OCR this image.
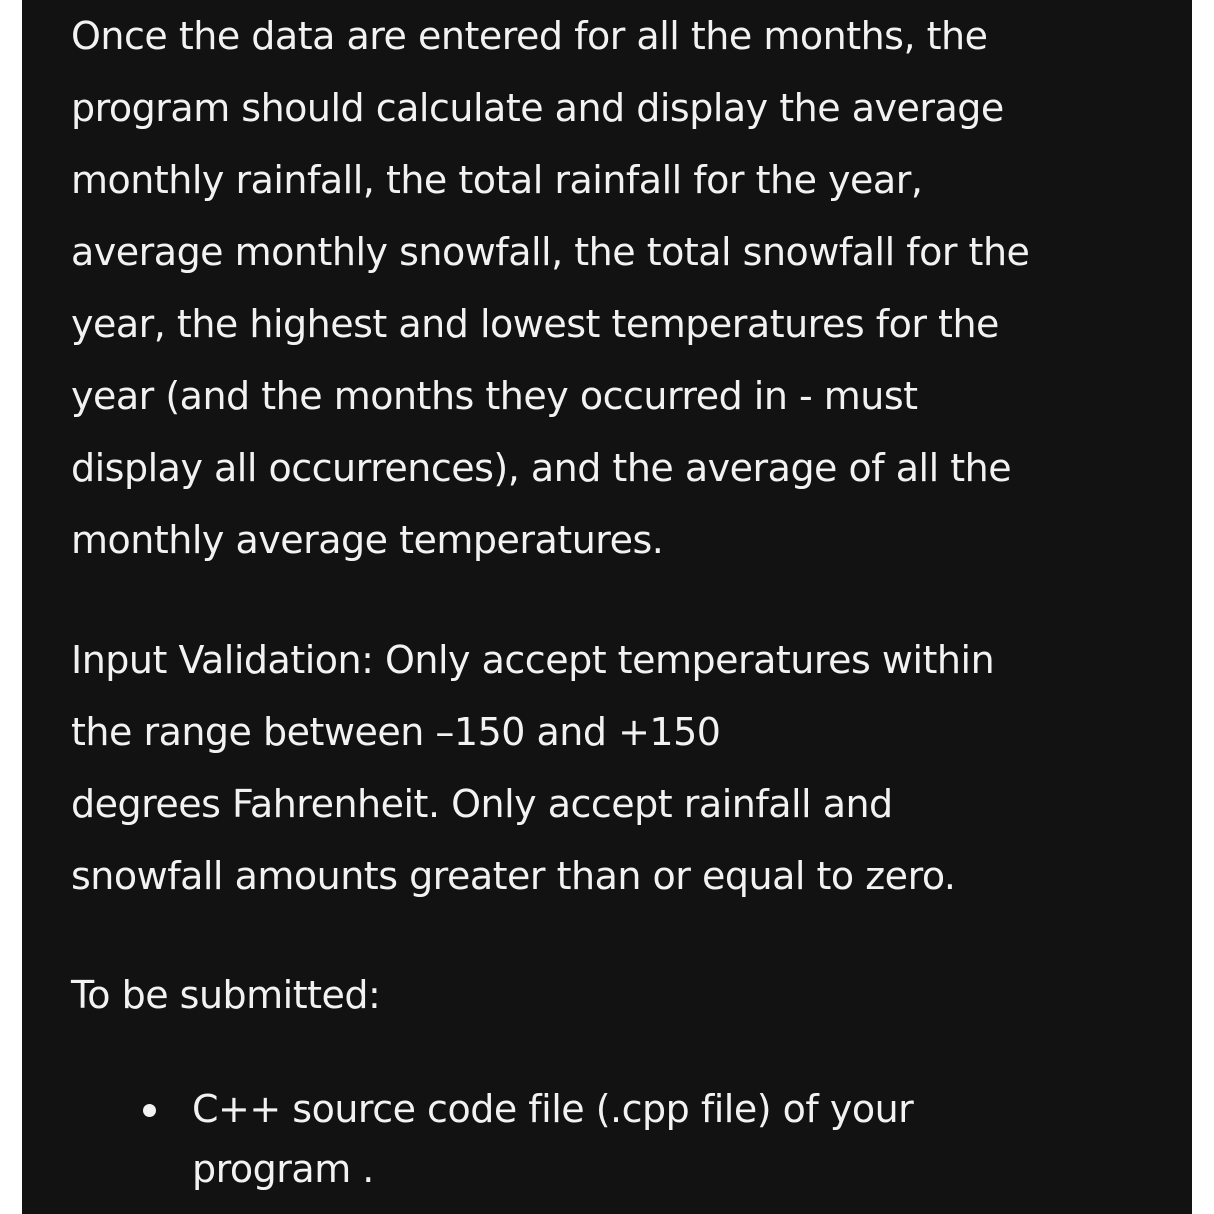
Once the data are entered for all the months, the
program should calculate and display the average
monthly rainfall, the total rainfall for the year,
average monthly snowfall, the total snowfall for the
year, the highest and lowest temperatures for the
year (and the months they occurred in - must
display all occurrences), and the average of all the
monthly average temperatures.
Input Validation: Only accept temperatures within
the range between –150 and +150
degrees Fahrenheit. Only accept rainfall and
snowfall amounts greater than or equal to zero.
To be submitted:
C++ source code file (.cpp file) of your
program .
